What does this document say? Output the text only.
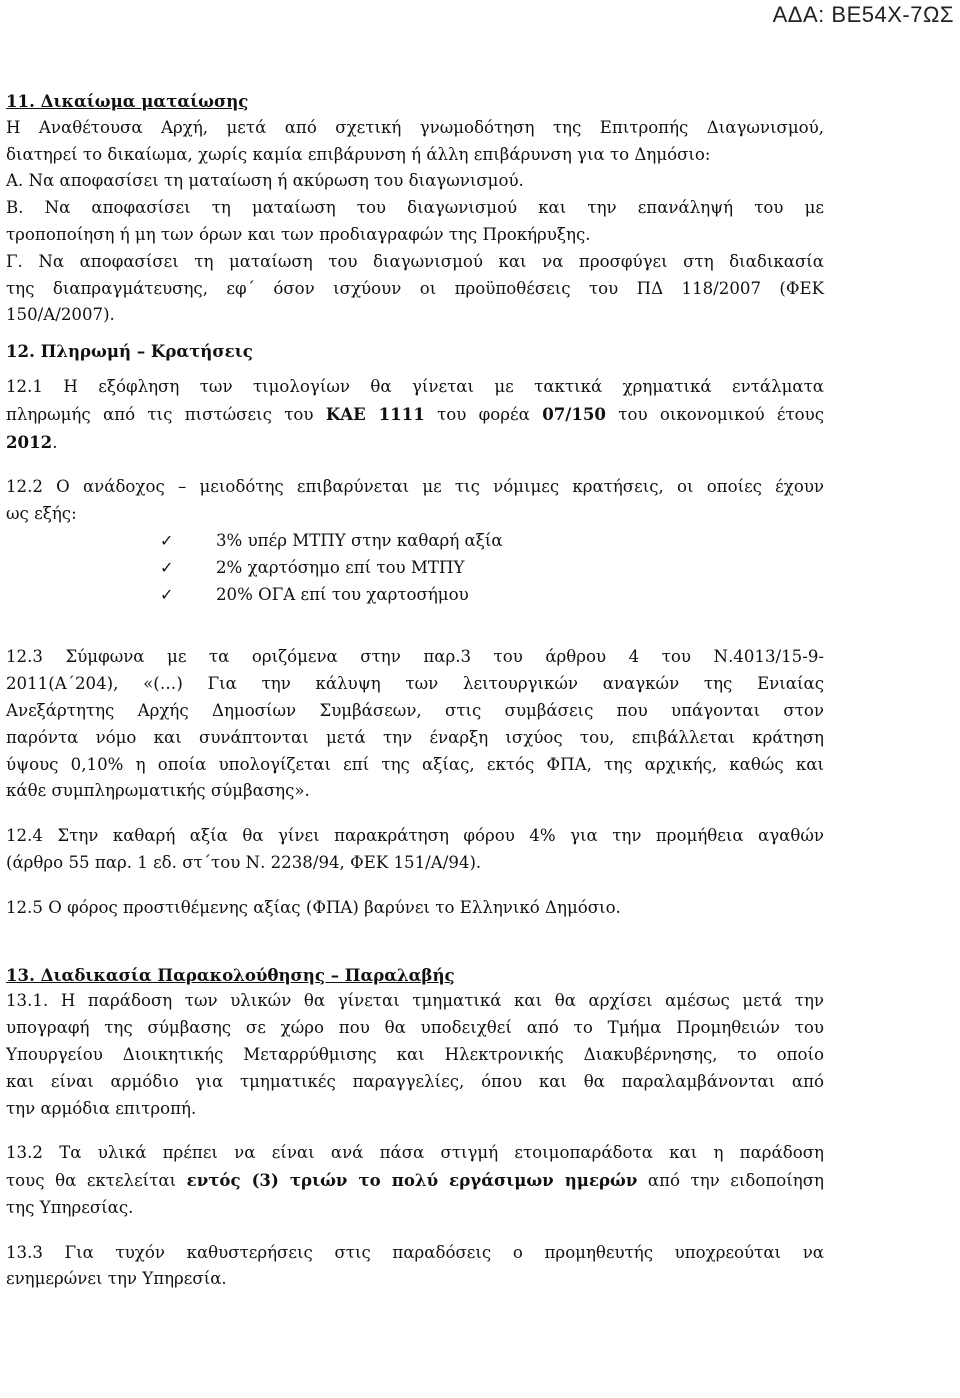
ΑΔΑ: ΒΕ54Χ-7ΩΣ

11. Δικαίωμα ματαίωσης

Η Αναθέτουσα Αρχή, μετά από σχετική γνωμοδότηση της Επιτροπής Διαγωνισμού,

διατηρεί το δικαίωμα, χωρίς καμία επιβάρυνση ή άλλη επιβάρυνση για το Δημόσιο:

Α. Να αποφασίσει τη ματαίωση ή ακύρωση του διαγωνισμού.

Β. Να αποφασίσει τη ματαίωση του διαγωνισμού και την επανάληψή του με

τροποποίηση ή μη των όρων και των προδιαγραφών της Προκήρυξης.

Γ. Να αποφασίσει τη ματαίωση του διαγωνισμού και να προσφύγει στη διαδικασία

της διαπραγμάτευσης, εφ΄ όσον ισχύουν οι προϋποθέσεις του ΠΔ 118/2007 (ΦΕΚ

150/Α/2007).

12. Πληρωμή – Κρατήσεις

12.1 Η εξόφληση των τιμολογίων θα γίνεται με τακτικά χρηματικά εντάλματα

πληρωμής από τις πιστώσεις του ΚΑΕ 1111 του φορέα 07/150 του οικονομικού έτους

2012.

12.2 Ο ανάδοχος – μειοδότης επιβαρύνεται με τις νόμιμες κρατήσεις, οι οποίες έχουν

ως εξής:

✓	3% υπέρ ΜΤΠΥ στην καθαρή αξία
✓	2% χαρτόσημο επί του ΜΤΠΥ
✓	20% ΟΓΑ επί του χαρτοσήμου

12.3 Σύμφωνα με τα οριζόμενα στην παρ.3 του άρθρου 4 του Ν.4013/15-9-

2011(Α΄204), «(…) Για την κάλυψη των λειτουργικών αναγκών της Ενιαίας

Ανεξάρτητης Αρχής Δημοσίων Συμβάσεων, στις συμβάσεις που υπάγονται στον

παρόντα νόμο και συνάπτονται μετά την έναρξη ισχύος του, επιβάλλεται κράτηση

ύψους 0,10% η οποία υπολογίζεται επί της αξίας, εκτός ΦΠΑ, της αρχικής, καθώς και

κάθε συμπληρωματικής σύμβασης».

12.4 Στην καθαρή αξία θα γίνει παρακράτηση φόρου 4% για την προμήθεια αγαθών

(άρθρο 55 παρ. 1 εδ. στ΄του Ν. 2238/94, ΦΕΚ 151/Α/94).

12.5 Ο φόρος προστιθέμενης αξίας (ΦΠΑ) βαρύνει το Ελληνικό Δημόσιο.

13. Διαδικασία Παρακολούθησης – Παραλαβής

13.1. Η παράδοση των υλικών θα γίνεται τμηματικά και θα αρχίσει αμέσως μετά την

υπογραφή της σύμβασης σε χώρο που θα υποδειχθεί από το Τμήμα Προμηθειών του

Υπουργείου Διοικητικής Μεταρρύθμισης και Ηλεκτρονικής Διακυβέρνησης, το οποίο

και είναι αρμόδιο για τμηματικές παραγγελίες, όπου και θα παραλαμβάνονται από

την αρμόδια επιτροπή.

13.2 Τα υλικά πρέπει να είναι ανά πάσα στιγμή ετοιμοπαράδοτα και η παράδοση

τους θα εκτελείται εντός (3) τριών το πολύ εργάσιμων ημερών από την ειδοποίηση

της Υπηρεσίας.

13.3 Για τυχόν καθυστερήσεις στις παραδόσεις ο προμηθευτής υποχρεούται να

ενημερώνει την Υπηρεσία.
